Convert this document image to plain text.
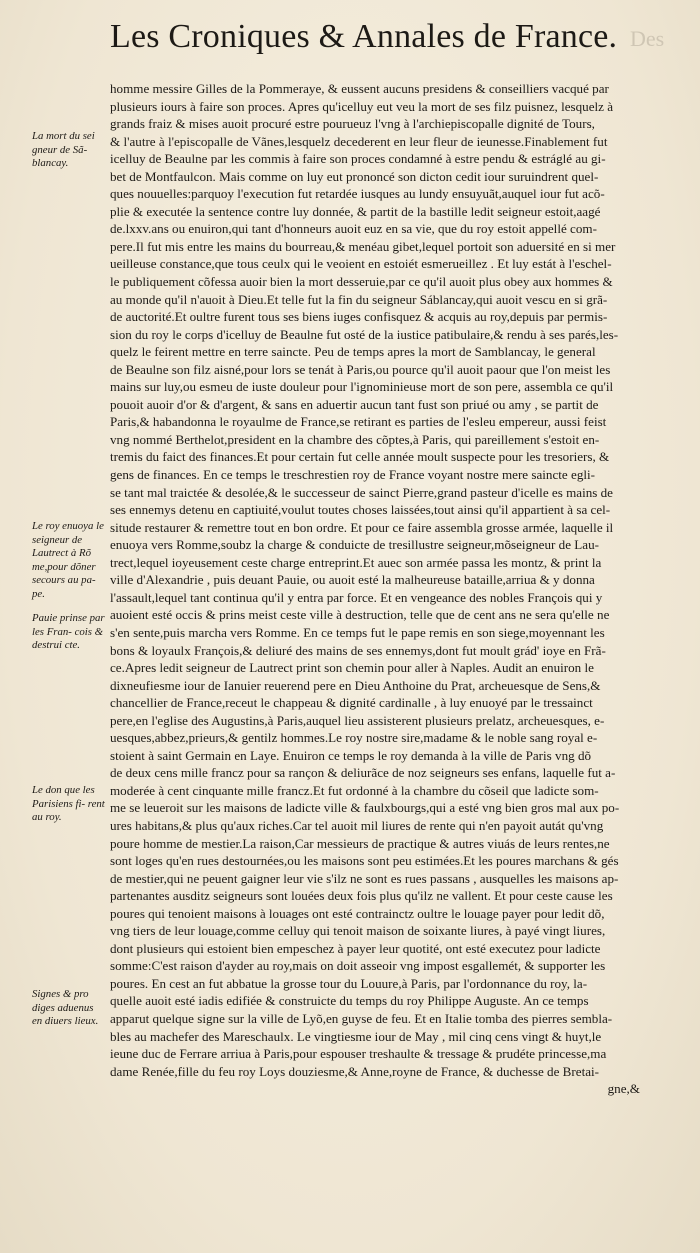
Les Croniques & Annales de France. Des
La mort du sei gneur de Sã- blancay.
Le roy enuoya le seigneur de Lautrect à Rõ me,pour dõner secours au pa- pe.
Pauie prinse par les Fran- cois & destrui cte.
Le don que les Parisiens fi- rent au roy.
Signes & pro diges aduenus en diuers lieux.
homme messire Gilles de la Pommeraye, & eussent aucuns presidens & conseilliers vacqué par
plusieurs iours à faire son proces. Apres qu'icelluy eut veu la mort de ses filz puisnez, lesquelz à
grands fraiz & mises auoit procuré estre pourueuz l'vng à l'archiepiscopalle dignité de Tours,
& l'autre à l'episcopalle de Vãnes,lesquelz decederent en leur fleur de ieunesse.Finablement fut
icelluy de Beaulne par les commis à faire son proces condamné à estre pendu & estráglé au gi-
bet de Montfaulcon. Mais comme on luy eut prononcé son dicton cedit iour suruindrent quel-
ques nouuelles:parquoy l'execution fut retardée iusques au lundy ensuyuãt,auquel iour fut acõ-
plie & executée la sentence contre luy donnée, & partit de la bastille ledit seigneur estoit,aagé
de.lxxv.ans ou enuiron,qui tant d'honneurs auoit euz en sa vie, que du roy estoit appellé com-
pere.Il fut mis entre les mains du bourreau,& menéau gibet,lequel portoit son aduersité en si mer
ueilleuse constance,que tous ceulx qui le veoient en estoiét esmerueillez . Et luy estát à l'eschel-
le publiquement cõfessa auoir bien la mort desseruie,par ce qu'il auoit plus obey aux hommes &
au monde qu'il n'auoit à Dieu.Et telle fut la fin du seigneur Sáblancay,qui auoit vescu en si grã-
de auctorité.Et oultre furent tous ses biens iuges confisquez & acquis au roy,depuis par permis-
sion du roy le corps d'icelluy de Beaulne fut osté de la iustice patibulaire,& rendu à ses parés,les-
quelz le feirent mettre en terre saincte. Peu de temps apres la mort de Samblancay, le general
de Beaulne son filz aisné,pour lors se tenát à Paris,ou pource qu'il auoit paour que l'on meist les
mains sur luy,ou esmeu de iuste douleur pour l'ignominieuse mort de son pere, assembla ce qu'il
pouoit auoir d'or & d'argent, & sans en aduertir aucun tant fust son priué ou amy , se partit de
Paris,& habandonna le royaulme de France,se retirant es parties de l'esleu empereur, aussi feist
vng nommé Berthelot,president en la chambre des cõptes,à Paris, qui pareillement s'estoit en-
tremis du faict des finances.Et pour certain fut celle année moult suspecte pour les tresoriers, &
gens de finances. En ce temps le treschrestien roy de France voyant nostre mere saincte egli-
se tant mal traictée & desolée,& le successeur de sainct Pierre,grand pasteur d'icelle es mains de
ses ennemys detenu en captiuité,voulut toutes choses laissées,tout ainsi qu'il appartient à sa cel-
situde restaurer & remettre tout en bon ordre. Et pour ce faire assembla grosse armée, laquelle il
enuoya vers Romme,soubz la charge & conduicte de tresillustre seigneur,mõseigneur de Lau-
trect,lequel ioyeusement ceste charge entreprint.Et auec son armée passa les montz, & print la
ville d'Alexandrie , puis deuant Pauie, ou auoit esté la malheureuse bataille,arriua & y donna
l'assault,lequel tant continua qu'il y entra par force. Et en vengeance des nobles François qui y
auoient esté occis & prins meist ceste ville à destruction, telle que de cent ans ne sera qu'elle ne
s'en sente,puis marcha vers Romme. En ce temps fut le pape remis en son siege,moyennant les
bons & loyaulx François,& deliuré des mains de ses ennemys,dont fut moult grád' ioye en Frã-
ce.Apres ledit seigneur de Lautrect print son chemin pour aller à Naples. Audit an enuiron le
dixneufiesme iour de Ianuier reuerend pere en Dieu Anthoine du Prat, archeuesque de Sens,&
chancellier de France,receut le chappeau & dignité cardinalle , à luy enuoyé par le tressainct
pere,en l'eglise des Augustins,à Paris,auquel lieu assisterent plusieurs prelatz, archeuesques, e-
uesques,abbez,prieurs,& gentilz hommes.Le roy nostre sire,madame & le noble sang royal e-
stoient à saint Germain en Laye. Enuiron ce temps le roy demanda à la ville de Paris vng dõ
de deux cens mille francz pour sa rançon & deliurãce de noz seigneurs ses enfans, laquelle fut a-
moderée à cent cinquante mille francz.Et fut ordonné à la chambre du cõseil que ladicte som-
me se leueroit sur les maisons de ladicte ville & faulxbourgs,qui a esté vng bien gros mal aux po-
ures habitans,& plus qu'aux riches.Car tel auoit mil liures de rente qui n'en payoit autát qu'vng
poure homme de mestier.La raison,Car messieurs de practique & autres viuás de leurs rentes,ne
sont loges qu'en rues destournées,ou les maisons sont peu estimées.Et les poures marchans & gés
de mestier,qui ne peuent gaigner leur vie s'ilz ne sont es rues passans , ausquelles les maisons ap-
partenantes ausditz seigneurs sont louées deux fois plus qu'ilz ne vallent. Et pour ceste cause les
poures qui tenoient maisons à louages ont esté contrainctz oultre le louage payer pour ledit dõ,
vng tiers de leur louage,comme celluy qui tenoit maison de soixante liures, à payé vingt liures,
dont plusieurs qui estoient bien empeschez à payer leur quotité, ont esté executez pour ladicte
somme:C'est raison d'ayder au roy,mais on doit asseoir vng impost esgallemét, & supporter les
poures. En cest an fut abbatue la grosse tour du Louure,à Paris, par l'ordonnance du roy, la-
quelle auoit esté iadis edifiée & construicte du temps du roy Philippe Auguste. An ce temps
apparut quelque signe sur la ville de Lyõ,en guyse de feu. Et en Italie tomba des pierres sembla-
bles au machefer des Mareschaulx. Le vingtiesme iour de May , mil cinq cens vingt & huyt,le
ieune duc de Ferrare arriua à Paris,pour espouser treshaulte & tressage & prudéte princesse,ma
dame Renée,fille du feu roy Loys douziesme,& Anne,royne de France, & duchesse de Bretai-
gne,&
